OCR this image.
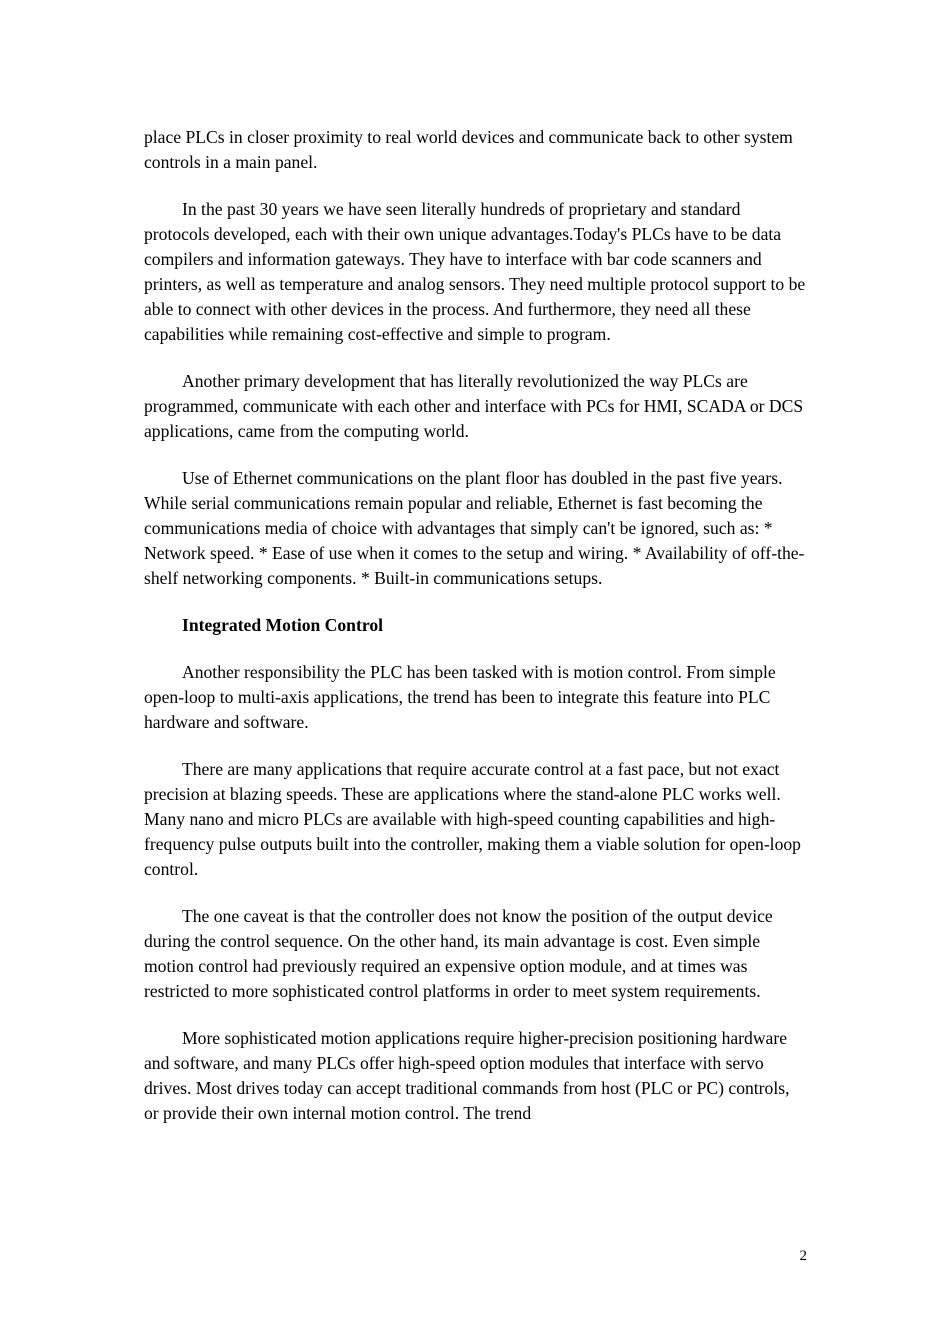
place PLCs in closer proximity to real world devices and communicate back to other system controls in a main panel.

In the past 30 years we have seen literally hundreds of proprietary and standard protocols developed, each with their own unique advantages.Today's PLCs have to be data compilers and information gateways. They have to interface with bar code scanners and printers, as well as temperature and analog sensors. They need multiple protocol support to be able to connect with other devices in the process. And furthermore, they need all these capabilities while remaining cost-effective and simple to program.

Another primary development that has literally revolutionized the way PLCs are programmed, communicate with each other and interface with PCs for HMI, SCADA or DCS applications, came from the computing world.

Use of Ethernet communications on the plant floor has doubled in the past five years. While serial communications remain popular and reliable, Ethernet is fast becoming the communications media of choice with advantages that simply can't be ignored, such as: * Network speed. * Ease of use when it comes to the setup and wiring. * Availability of off-the-shelf networking components. * Built-in communications setups.

Integrated Motion Control

Another responsibility the PLC has been tasked with is motion control. From simple open-loop to multi-axis applications, the trend has been to integrate this feature into PLC hardware and software.

There are many applications that require accurate control at a fast pace, but not exact precision at blazing speeds. These are applications where the stand-alone PLC works well. Many nano and micro PLCs are available with high-speed counting capabilities and high-frequency pulse outputs built into the controller, making them a viable solution for open-loop control.

The one caveat is that the controller does not know the position of the output device during the control sequence. On the other hand, its main advantage is cost. Even simple motion control had previously required an expensive option module, and at times was restricted to more sophisticated control platforms in order to meet system requirements.

More sophisticated motion applications require higher-precision positioning hardware and software, and many PLCs offer high-speed option modules that interface with servo drives. Most drives today can accept traditional commands from host (PLC or PC) controls, or provide their own internal motion control. The trend

2
